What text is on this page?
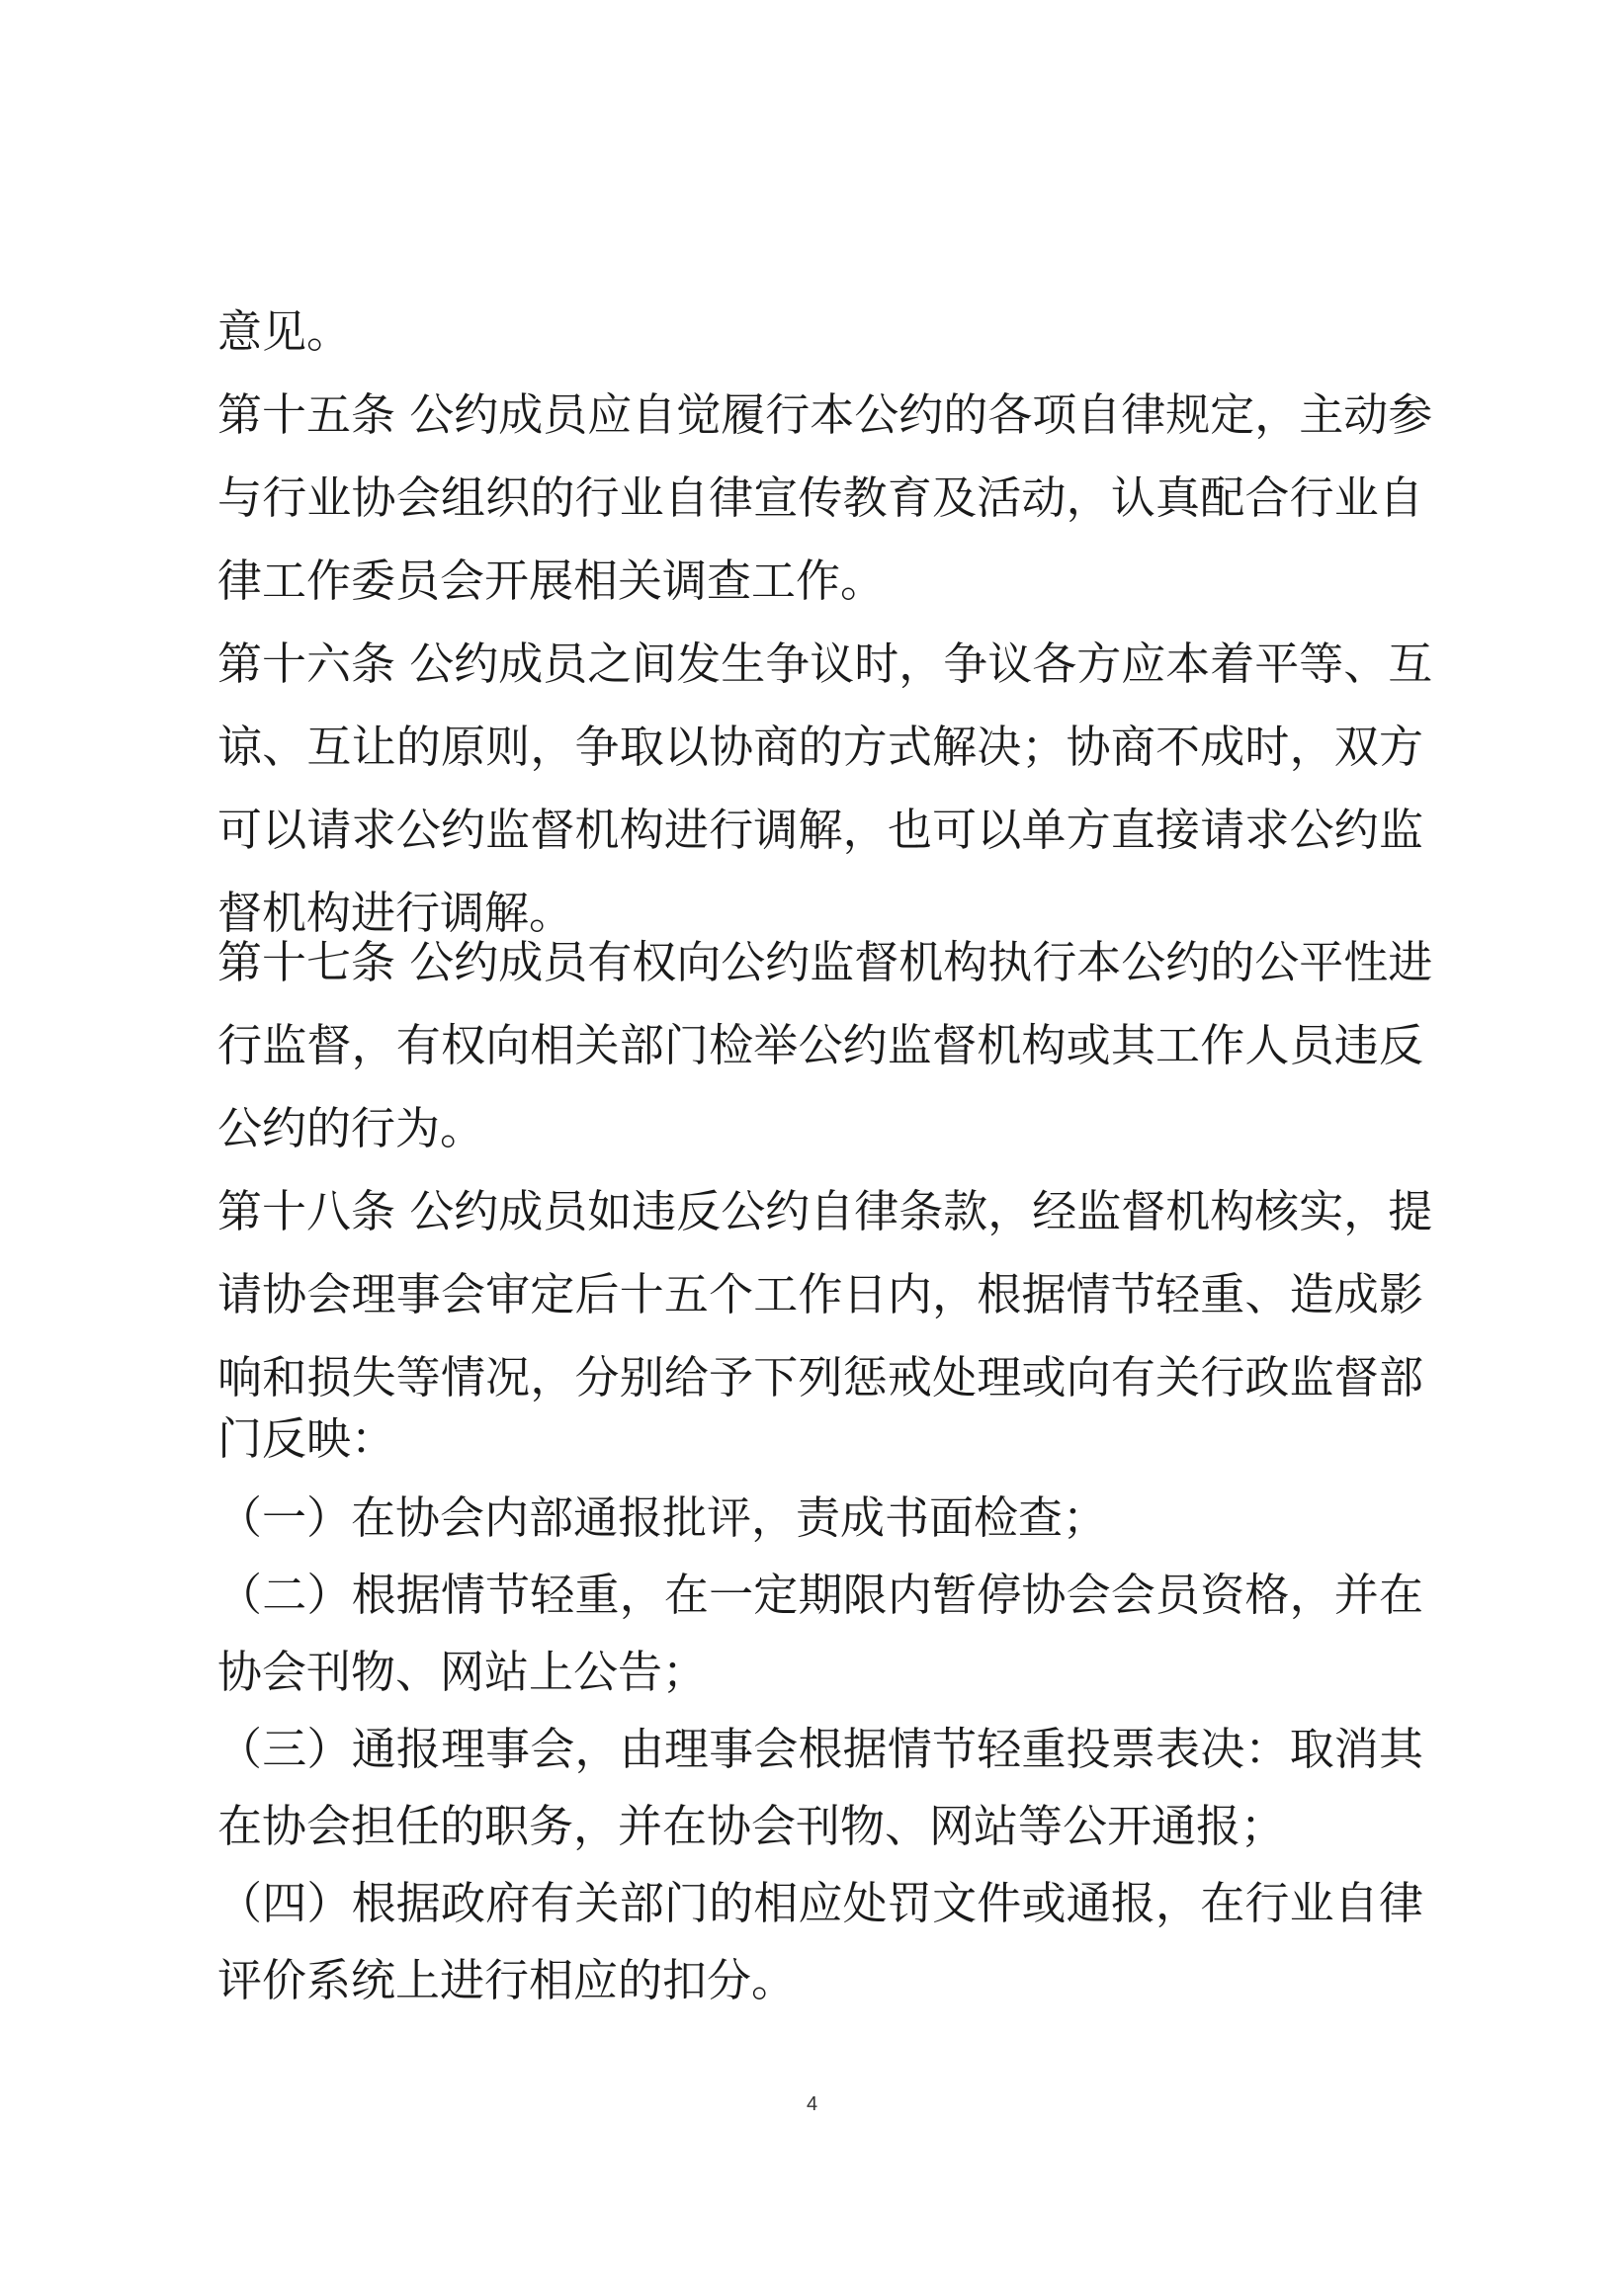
意见。
第十五条 公约成员应自觉履行本公约的各项自律规定，主动参
与行业协会组织的行业自律宣传教育及活动，认真配合行业自
律工作委员会开展相关调查工作。
第十六条 公约成员之间发生争议时，争议各方应本着平等、互
谅、互让的原则，争取以协商的方式解决；协商不成时，双方
可以请求公约监督机构进行调解，也可以单方直接请求公约监
督机构进行调解。
第十七条 公约成员有权向公约监督机构执行本公约的公平性进
行监督，有权向相关部门检举公约监督机构或其工作人员违反
公约的行为。
第十八条 公约成员如违反公约自律条款，经监督机构核实，提
请协会理事会审定后十五个工作日内，根据情节轻重、造成影
响和损失等情况，分别给予下列惩戒处理或向有关行政监督部
门反映：
（一）在协会内部通报批评，责成书面检查；
（二）根据情节轻重，在一定期限内暂停协会会员资格，并在
协会刊物、网站上公告；
（三）通报理事会，由理事会根据情节轻重投票表决：取消其
在协会担任的职务，并在协会刊物、网站等公开通报；
（四）根据政府有关部门的相应处罚文件或通报，在行业自律
评价系统上进行相应的扣分。
4
